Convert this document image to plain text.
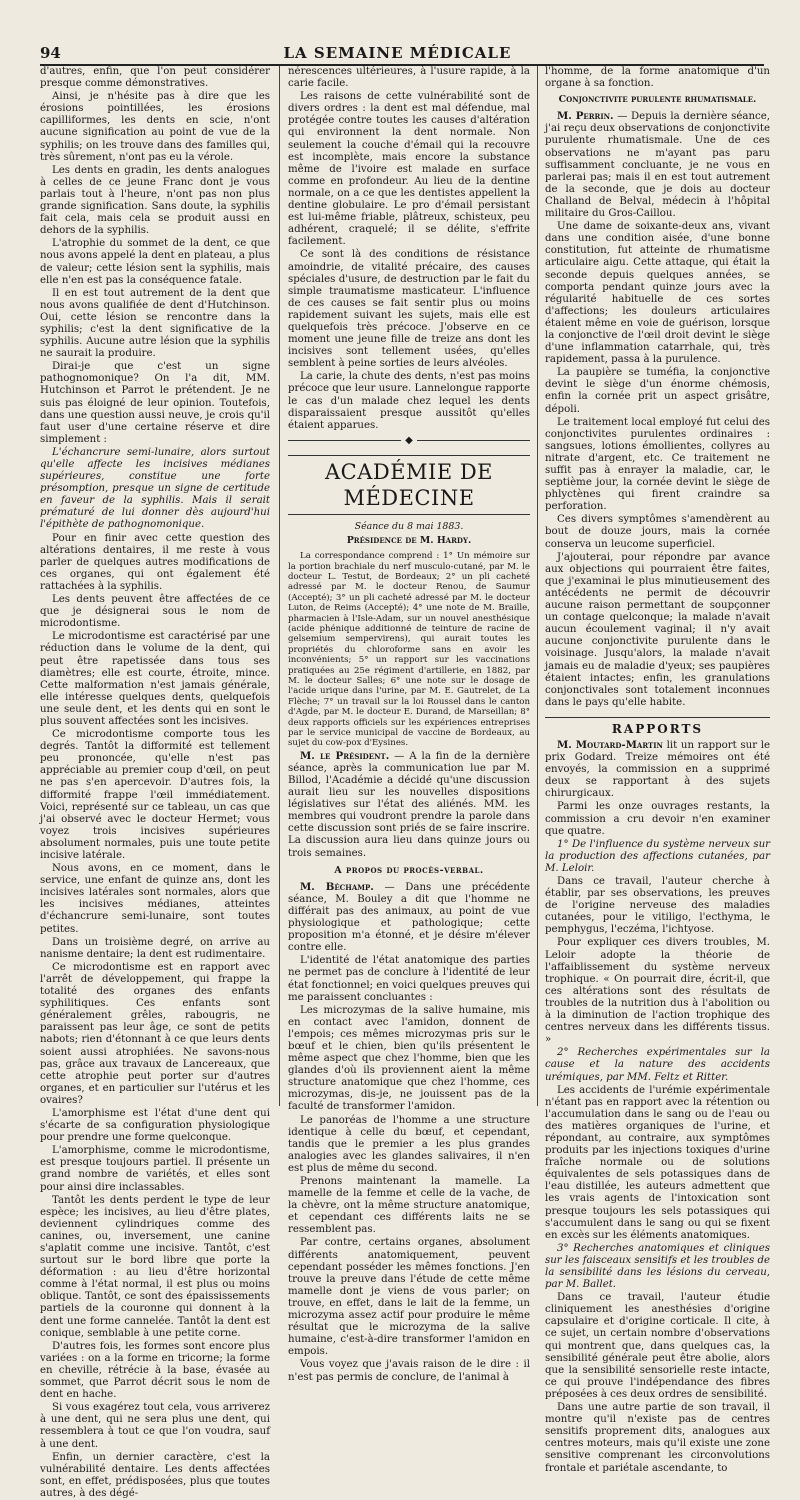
94	LA SEMAINE MÉDICALE

d'autres, enfin, que l'on peut considérer presque comme démonstratives.

Ainsi, je n'hésite pas à dire que les érosions pointillées, les érosions capilliformes, les dents en scie, n'ont aucune signification au point de vue de la syphilis; on les trouve dans des familles qui, très sûrement, n'ont pas eu la vérole.

Les dents en gradin, les dents analogues à celles de ce jeune Franc dont je vous parlais tout à l'heure, n'ont pas non plus grande signification. Sans doute, la syphilis fait cela, mais cela se produit aussi en dehors de la syphilis.

L'atrophie du sommet de la dent, ce que nous avons appelé la dent en plateau, a plus de valeur; cette lésion sent la syphilis, mais elle n'en est pas la conséquence fatale.

Il en est tout autrement de la dent que nous avons qualifiée de dent d'Hutchinson. Oui, cette lésion se rencontre dans la syphilis; c'est la dent significative de la syphilis. Aucune autre lésion que la syphilis ne saurait la produire.

Dirai-je que c'est un signe pathognomonique? On l'a dit, MM. Hutchinson et Parrot le prétendent. Je ne suis pas éloigné de leur opinion. Toutefois, dans une question aussi neuve, je crois qu'il faut user d'une certaine réserve et dire simplement :

L'échancrure semi-lunaire, alors surtout qu'elle affecte les incisives médianes supérieures, constitue une forte présomption, presque un signe de certitude en faveur de la syphilis. Mais il serait prématuré de lui donner dès aujourd'hui l'épithète de pathognomonique.

Pour en finir avec cette question des altérations dentaires, il me reste à vous parler de quelques autres modifications de ces organes, qui ont également été rattachées à la syphilis.

Les dents peuvent être affectées de ce que je désignerai sous le nom de microdontisme.

Le microdontisme est caractérisé par une réduction dans le volume de la dent, qui peut être rapetissée dans tous ses diamètres; elle est courte, étroite, mince. Cette malformation n'est jamais générale, elle intéresse quelques dents, quelquefois une seule dent, et les dents qui en sont le plus souvent affectées sont les incisives.

Ce microdontisme comporte tous les degrés. Tantôt la difformité est tellement peu prononcée, qu'elle n'est pas appréciable au premier coup d'œil, on peut ne pas s'en apercevoir. D'autres fois, la difformité frappe l'œil immédiatement. Voici, représenté sur ce tableau, un cas que j'ai observé avec le docteur Hermet; vous voyez trois incisives supérieures absolument normales, puis une toute petite incisive latérale.

Nous avons, en ce moment, dans le service, une enfant de quinze ans, dont les incisives latérales sont normales, alors que les incisives médianes, atteintes d'échancrure semi-lunaire, sont toutes petites.

Dans un troisième degré, on arrive au nanisme dentaire; la dent est rudimentaire.

Ce microdontisme est en rapport avec l'arrêt de développement, qui frappe la totalité des organes des enfants syphilitiques. Ces enfants sont généralement grêles, rabougris, ne paraissent pas leur âge, ce sont de petits nabots; rien d'étonnant à ce que leurs dents soient aussi atrophiées. Ne savons-nous pas, grâce aux travaux de Lancereaux, que cette atrophie peut porter sur d'autres organes, et en particulier sur l'utérus et les ovaires?

L'amorphisme est l'état d'une dent qui s'écarte de sa configuration physiologique pour prendre une forme quelconque.

L'amorphisme, comme le microdontisme, est presque toujours partiel. Il présente un grand nombre de variétés, et elles sont pour ainsi dire inclassables.

Tantôt les dents perdent le type de leur espèce; les incisives, au lieu d'être plates, deviennent cylindriques comme des canines, ou, inversement, une canine s'aplatit comme une incisive. Tantôt, c'est surtout sur le bord libre que porte la déformation : au lieu d'être horizontal comme à l'état normal, il est plus ou moins oblique. Tantôt, ce sont des épaississements partiels de la couronne qui donnent à la dent une forme cannelée. Tantôt la dent est conique, semblable à une petite corne.

D'autres fois, les formes sont encore plus variées : on a la forme en tricorne; la forme en cheville, rétrécie à la base, évasée au sommet, que Parrot décrit sous le nom de dent en hache.

Si vous exagérez tout cela, vous arriverez à une dent, qui ne sera plus une dent, qui ressemblera à tout ce que l'on voudra, sauf à une dent.

Enfin, un dernier caractère, c'est la vulnérabilité dentaire. Les dents affectées sont, en effet, prédisposées, plus que toutes autres, à des dégé-

nérescences ultérieures, à l'usure rapide, à la carie facile.

Les raisons de cette vulnérabilité sont de divers ordres : la dent est mal défendue, mal protégée contre toutes les causes d'altération qui environnent la dent normale. Non seulement la couche d'émail qui la recouvre est incomplète, mais encore la substance même de l'ivoire est malade en surface comme en profondeur. Au lieu de la dentine normale, on a ce que les dentistes appellent la dentine globulaire. Le pro d'émail persistant est lui-même friable, plâtreux, schisteux, peu adhérent, craquelé; il se délite, s'effrite facilement.

Ce sont là des conditions de résistance amoindrie, de vitalité précaire, des causes spéciales d'usure, de destruction par le fait du simple traumatisme masticateur. L'influence de ces causes se fait sentir plus ou moins rapidement suivant les sujets, mais elle est quelquefois très précoce. J'observe en ce moment une jeune fille de treize ans dont les incisives sont tellement usées, qu'elles semblent à peine sorties de leurs alvéoles.

La carie, la chute des dents, n'est pas moins précoce que leur usure. Lannelongue rapporte le cas d'un malade chez lequel les dents disparaissaient presque aussitôt qu'elles étaient apparues.

◆
ACADÉMIE DE MÉDECINE
Séance du 8 mai 1883.
Présidence de M. Hardy.

La correspondance comprend : 1° Un mémoire sur la portion brachiale du nerf musculo-cutané, par M. le docteur L. Testut, de Bordeaux; 2° un pli cacheté adressé par M. le docteur Renou, de Saumur (Accepté); 3° un pli cacheté adressé par M. le docteur Luton, de Reims (Accepté); 4° une note de M. Braille, pharmacien à l'Isle-Adam, sur un nouvel anesthésique (acide phénique additionné de teinture de racine de gelsemium sempervirens), qui aurait toutes les propriétés du chloroforme sans en avoir les inconvénients; 5° un rapport sur les vaccinations pratiquées au 25e régiment d'artillerie, en 1882, par M. le docteur Salles; 6° une note sur le dosage de l'acide urique dans l'urine, par M. E. Gautrelet, de La Flèche; 7° un travail sur la loi Roussel dans le canton d'Agde, par M. le docteur E. Durand, de Marseillan; 8° deux rapports officiels sur les expériences entreprises par le service municipal de vaccine de Bordeaux, au sujet du cow-pox d'Eysines.

M. le Président. — A la fin de la dernière séance, après la communication lue par M. Billod, l'Académie a décidé qu'une discussion aurait lieu sur les nouvelles dispositions législatives sur l'état des aliénés. MM. les membres qui voudront prendre la parole dans cette discussion sont priés de se faire inscrire. La discussion aura lieu dans quinze jours ou trois semaines.

A propos du procès-verbal.

M. Béchamp. — Dans une précédente séance, M. Bouley a dit que l'homme ne différait pas des animaux, au point de vue physiologique et pathologique; cette proposition m'a étonné, et je désire m'élever contre elle.

L'identité de l'état anatomique des parties ne permet pas de conclure à l'identité de leur état fonctionnel; en voici quelques preuves qui me paraissent concluantes :

Les microzymas de la salive humaine, mis en contact avec l'amidon, donnent de l'empois; ces mêmes microzymas pris sur le bœuf et le chien, bien qu'ils présentent le même aspect que chez l'homme, bien que les glandes d'où ils proviennent aient la même structure anatomique que chez l'homme, ces microzymas, dis-je, ne jouissent pas de la faculté de transformer l'amidon.

Le panoréas de l'homme a une structure identique à celle du bœuf, et cependant, tandis que le premier a les plus grandes analogies avec les glandes salivaires, il n'en est plus de même du second.

Prenons maintenant la mamelle. La mamelle de la femme et celle de la vache, de la chèvre, ont la même structure anatomique, et cependant ces différents laits ne se ressemblent pas.

Par contre, certains organes, absolument différents anatomiquement, peuvent cependant posséder les mêmes fonctions. J'en trouve la preuve dans l'étude de cette même mamelle dont je viens de vous parler; on trouve, en effet, dans le lait de la femme, un microzyma assez actif pour produire le même résultat que le microzyma de la salive humaine, c'est-à-dire transformer l'amidon en empois.

Vous voyez que j'avais raison de le dire : il n'est pas permis de conclure, de l'animal à

l'homme, de la forme anatomique d'un organe à sa fonction.

Conjonctivite purulente rhumatismale.

M. Perrin. — Depuis la dernière séance, j'ai reçu deux observations de conjonctivite purulente rhumatismale. Une de ces observations ne m'ayant pas paru suffisamment concluante, je ne vous en parlerai pas; mais il en est tout autrement de la seconde, que je dois au docteur Challand de Belval, médecin à l'hôpital militaire du Gros-Caillou.

Une dame de soixante-deux ans, vivant dans une condition aisée, d'une bonne constitution, fut atteinte de rhumatisme articulaire aigu. Cette attaque, qui était la seconde depuis quelques années, se comporta pendant quinze jours avec la régularité habituelle de ces sortes d'affections; les douleurs articulaires étaient même en voie de guérison, lorsque la conjonctive de l'œil droit devint le siège d'une inflammation catarrhale, qui, très rapidement, passa à la purulence.

La paupière se tuméfia, la conjonctive devint le siège d'un énorme chémosis, enfin la cornée prit un aspect grisâtre, dépoli.

Le traitement local employé fut celui des conjonctivites purulentes ordinaires : sangsues, lotions émollientes, collyres au nitrate d'argent, etc. Ce traitement ne suffit pas à enrayer la maladie, car, le septième jour, la cornée devint le siège de phlyctènes qui firent craindre sa perforation.

Ces divers symptômes s'amendèrent au bout de douze jours, mais la cornée conserva un leucome superficiel.

J'ajouterai, pour répondre par avance aux objections qui pourraient être faites, que j'examinai le plus minutieusement des antécédents ne permit de découvrir aucune raison permettant de soupçonner un contage quelconque; la malade n'avait aucun écoulement vaginal; il n'y avait aucune conjonctivite purulente dans le voisinage. Jusqu'alors, la malade n'avait jamais eu de maladie d'yeux; ses paupières étaient intactes; enfin, les granulations conjonctivales sont totalement inconnues dans le pays qu'elle habite.

RAPPORTS

M. Moutard-Martin lit un rapport sur le prix Godard. Treize mémoires ont été envoyés, la commission en a supprimé deux se rapportant à des sujets chirurgicaux.

Parmi les onze ouvrages restants, la commission a cru devoir n'en examiner que quatre.

1° De l'influence du système nerveux sur la production des affections cutanées, par M. Leloir.

Dans ce travail, l'auteur cherche à établir, par ses observations, les preuves de l'origine nerveuse des maladies cutanées, pour le vitiligo, l'ecthyma, le pemphygus, l'eczéma, l'ichtyose.

Pour expliquer ces divers troubles, M. Leloir adopte la théorie de l'affaiblissement du système nerveux trophique. « On pourrait dire, écrit-il, que ces altérations sont des résultats de troubles de la nutrition dus à l'abolition ou à la diminution de l'action trophique des centres nerveux dans les différents tissus. »

2° Recherches expérimentales sur la cause et la nature des accidents urémiques, par MM. Feltz et Ritter.

Les accidents de l'urémie expérimentale n'étant pas en rapport avec la rétention ou l'accumulation dans le sang ou de l'eau ou des matières organiques de l'urine, et répondant, au contraire, aux symptômes produits par les injections toxiques d'urine fraîche normale ou de solutions équivalentes de sels potassiques dans de l'eau distillée, les auteurs admettent que les vrais agents de l'intoxication sont presque toujours les sels potassiques qui s'accumulent dans le sang ou qui se fixent en excès sur les éléments anatomiques.

3° Recherches anatomiques et cliniques sur les faisceaux sensitifs et les troubles de la sensibilité dans les lésions du cerveau, par M. Ballet.

Dans ce travail, l'auteur étudie cliniquement les anesthésies d'origine capsulaire et d'origine corticale. Il cite, à ce sujet, un certain nombre d'observations qui montrent que, dans quelques cas, la sensibilité générale peut être abolie, alors que la sensibilité sensorielle reste intacte, ce qui prouve l'indépendance des fibres préposées à ces deux ordres de sensibilité.

Dans une autre partie de son travail, il montre qu'il n'existe pas de centres sensitifs proprement dits, analogues aux centres moteurs, mais qu'il existe une zone sensitive comprenant les circonvolutions frontale et pariétale ascendante, to
